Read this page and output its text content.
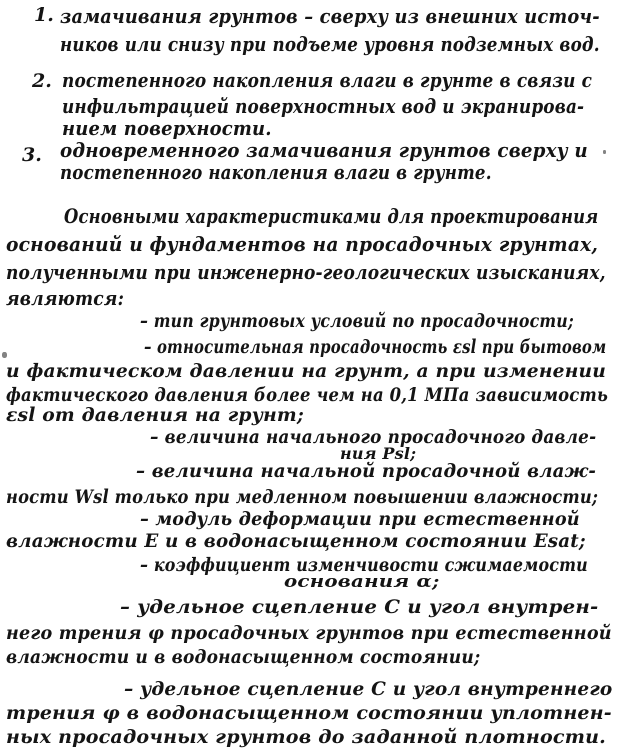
1. замачивания грунтов – сверху из внешних источ-
ников или снизу при подъеме уровня подземных вод.
2. постепенного накопления влаги в грунте в связи с
инфильтрацией поверхностных вод и экранирова-
нием поверхности.
3. одновременного замачивания грунтов сверху и
постепенного накопления влаги в грунте.
Основными характеристиками для проектирования
оснований и фундаментов на просадочных грунтах,
полученными при инженерно-геологических изысканиях,
являются:
– тип грунтовых условий по просадочности;
– относительная просадочность εsl при бытовом
и фактическом давлении на грунт, а при изменении
фактического давления более чем на 0,1 МПа зависимость
εsl от давления на грунт;
– величина начального просадочного давле-
ния Psl;
– величина начальной просадочной влаж-
ности Wsl только при медленном повышении влажности;
– модуль деформации при естественной
влажности E и в водонасыщенном состоянии Esat;
– коэффициент изменчивости сжимаемости
основания α;
– удельное сцепление C и угол внутрен-
него трения φ просадочных грунтов при естественной
влажности и в водонасыщенном состоянии;
– удельное сцепление C и угол внутреннего
трения φ в водонасыщенном состоянии уплотнен-
ных просадочных грунтов до заданной плотности.
